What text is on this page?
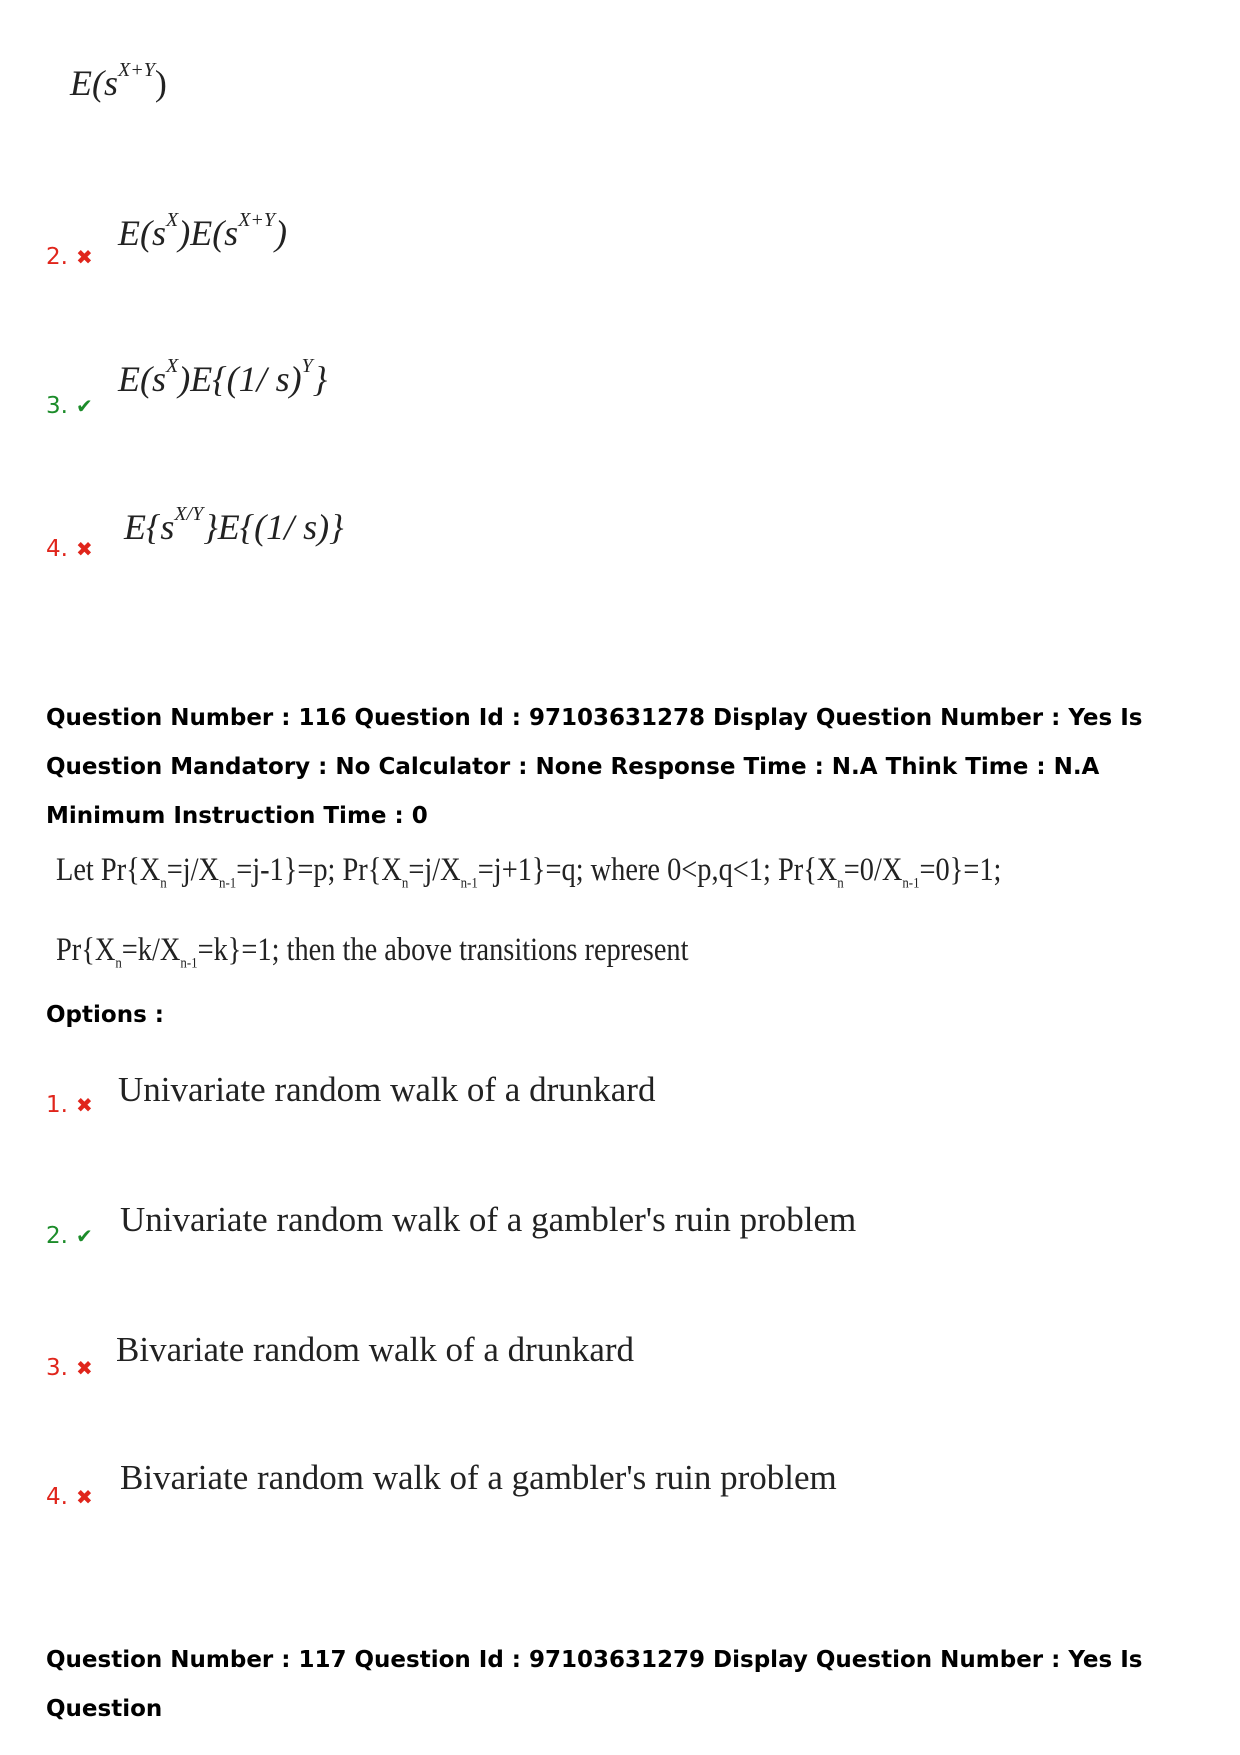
$E(s^{X+Y})$
2. ✖
$E(s^X)E(s^{X+Y})$
3. ✔
$E(s^X)E\{(1/$ s)$^Y$}
4. ✖
$E\{s^{X/Y}\}E\{(1/$ s)}
Question Number : 116 Question Id : 97103631278 Display Question Number : Yes Is Question Mandatory : No Calculator : None Response Time : N.A Think Time : N.A Minimum Instruction Time : 0
Let $Pr\{X_n=j/X_{n-1}=j-1\}=p$; $Pr\{X_n=j/X_{n-1}=j+1\}=q$; where 0<p,q<1; $Pr\{X_n=0/X_{n-1}=0\}=1$;
$Pr\{X_n=k/X_{n-1}=k\}=1$; then the above transitions represent
Options :
1. ✖ Univariate random walk of a drunkard
2. ✔ Univariate random walk of a gambler's ruin problem
3. ✖ Bivariate random walk of a drunkard
4. ✖ Bivariate random walk of a gambler's ruin problem
Question Number : 117 Question Id : 97103631279 Display Question Number : Yes Is Question
